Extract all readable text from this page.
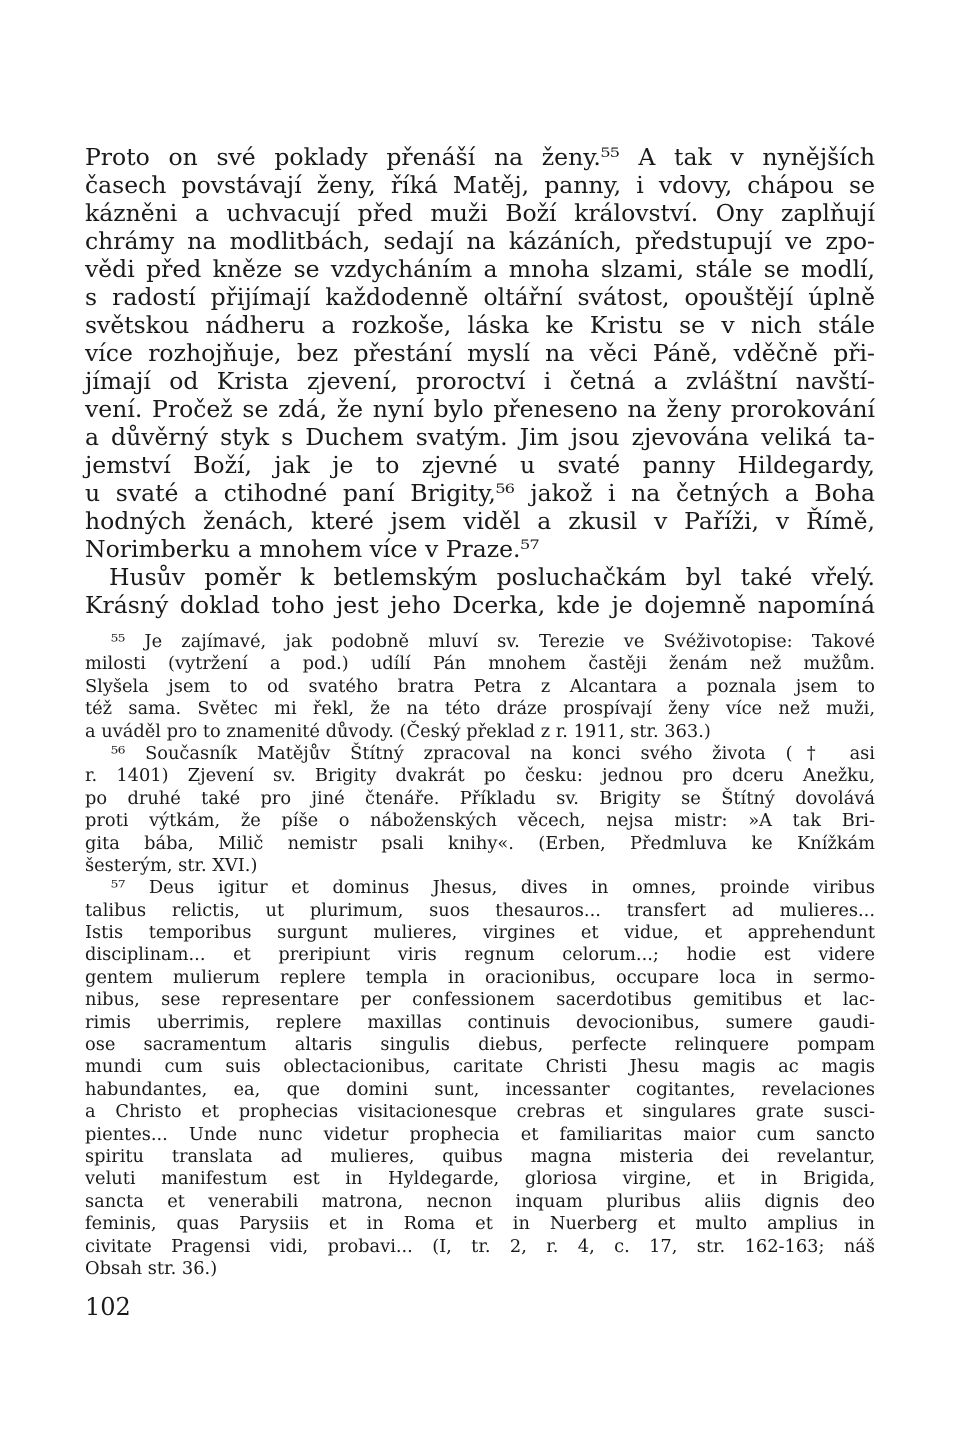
Proto on své poklady přenáší na ženy.⁵⁵ A tak v nynějších
časech povstávají ženy, říká Matěj, panny, i vdovy, chápou se
kázněni a uchvacují před muži Boží království. Ony zaplňují
chrámy na modlitbách, sedají na kázáních, předstupují ve zpo-
vědi před kněze se vzdycháním a mnoha slzami, stále se modlí,
s radostí přijímají každodenně oltářní svátost, opouštějí úplně
světskou nádheru a rozkoše, láska ke Kristu se v nich stále
více rozhojňuje, bez přestání myslí na věci Páně, vděčně při-
jímají od Krista zjevení, proroctví i četná a zvláštní navští-
vení. Pročež se zdá, že nyní bylo přeneseno na ženy prorokování
a důvěrný styk s Duchem svatým. Jim jsou zjevována veliká ta-
jemství Boží, jak je to zjevné u svaté panny Hildegardy,
u svaté a ctihodné paní Brigity,⁵⁶ jakož i na četných a Boha
hodných ženách, které jsem viděl a zkusil v Paříži, v Římě,
Norimberku a mnohem více v Praze.⁵⁷
Husův poměr k betlemským posluchačkám byl také vřelý.
Krásný doklad toho jest jeho Dcerka, kde je dojemně napomíná
⁵⁵ Je zajímavé, jak podobně mluví sv. Terezie ve Svéživotopise: Takové
milosti (vytržení a pod.) udílí Pán mnohem častěji ženám než mužům.
Slyšela jsem to od svatého bratra Petra z Alcantara a poznala jsem to
též sama. Světec mi řekl, že na této dráze prospívají ženy více než muži,
a uváděl pro to znamenité důvody. (Český překlad z r. 1911, str. 363.)
⁵⁶ Současník Matějův Štítný zpracoval na konci svého života († asi
r. 1401) Zjevení sv. Brigity dvakrát po česku: jednou pro dceru Anežku,
po druhé také pro jiné čtenáře. Příkladu sv. Brigity se Štítný dovolává
proti výtkám, že píše o náboženských věcech, nejsa mistr: »A tak Bri-
gita bába, Milič nemistr psali knihy«. (Erben, Předmluva ke Knížkám
šesterým, str. XVI.)
⁵⁷ Deus igitur et dominus Jhesus, dives in omnes, proinde viribus
talibus relictis, ut plurimum, suos thesauros... transfert ad mulieres...
Istis temporibus surgunt mulieres, virgines et vidue, et apprehendunt
disciplinam... et preripiunt viris regnum celorum...; hodie est videre
gentem mulierum replere templa in oracionibus, occupare loca in sermo-
nibus, sese representare per confessionem sacerdotibus gemitibus et lac-
rimis uberrimis, replere maxillas continuis devocionibus, sumere gaudi-
ose sacramentum altaris singulis diebus, perfecte relinquere pompam
mundi cum suis oblectacionibus, caritate Christi Jhesu magis ac magis
habundantes, ea, que domini sunt, incessanter cogitantes, revelaciones
a Christo et prophecias visitacionesque crebras et singulares grate susci-
pientes... Unde nunc videtur prophecia et familiaritas maior cum sancto
spiritu translata ad mulieres, quibus magna misteria dei revelantur,
veluti manifestum est in Hyldegarde, gloriosa virgine, et in Brigida,
sancta et venerabili matrona, necnon inquam pluribus aliis dignis deo
feminis, quas Parysiis et in Roma et in Nuerberg et multo amplius in
civitate Pragensi vidi, probavi... (I, tr. 2, r. 4, c. 17, str. 162-163; náš
Obsah str. 36.)
102
